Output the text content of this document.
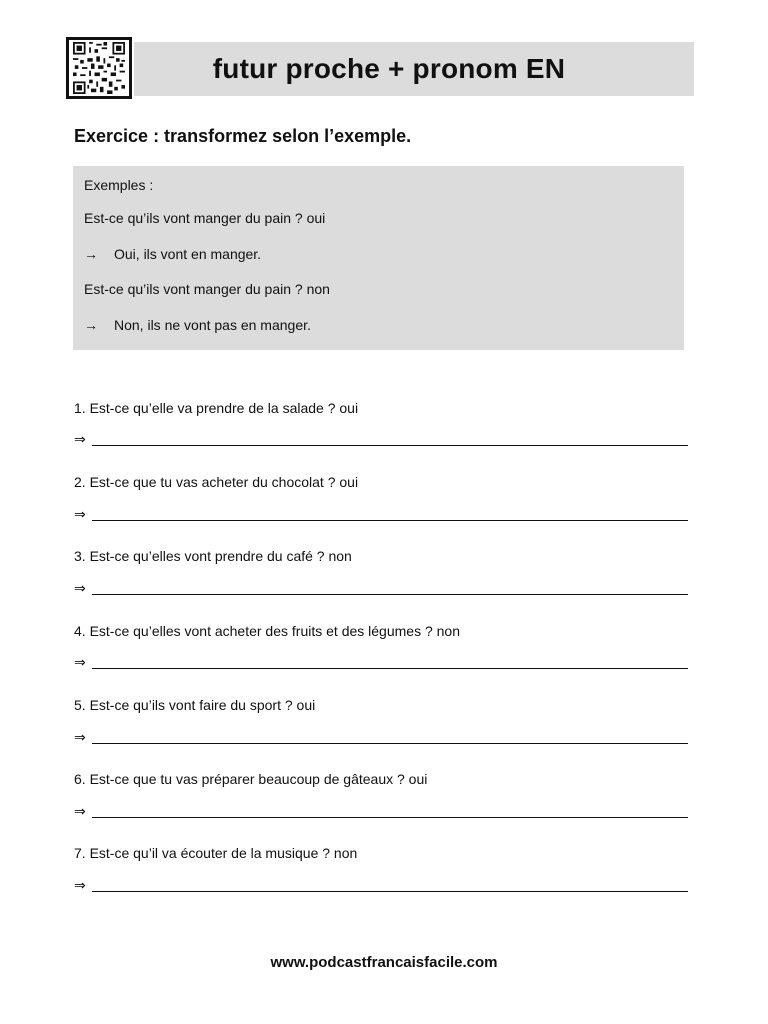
futur proche + pronom EN
Exercice : transformez selon l’exemple.
Exemples :
Est-ce qu’ils vont manger du pain ? oui
→ Oui, ils vont en manger.
Est-ce qu’ils vont manger du pain ? non
→ Non, ils ne vont pas en manger.
1. Est-ce qu’elle va prendre de la salade ? oui
⇒
2. Est-ce que tu vas acheter du chocolat ? oui
⇒
3. Est-ce qu’elles vont prendre du café ? non
⇒
4. Est-ce qu’elles vont acheter des fruits et des légumes ? non
⇒
5. Est-ce qu’ils vont faire du sport ? oui
⇒
6. Est-ce que tu vas préparer beaucoup de gâteaux ? oui
⇒
7. Est-ce qu’il va écouter de la musique ? non
⇒
www.podcastfrancaisfacile.com
